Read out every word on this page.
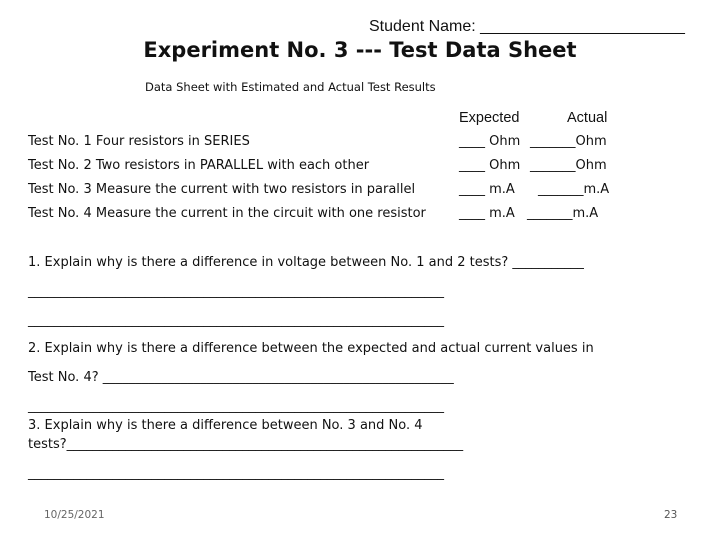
Student Name: _______________________
Experiment No. 3 --- Test Data Sheet
Data Sheet with Estimated and Actual Test Results
Expected	Actual
Test No. 1 Four resistors in SERIES	____ Ohm _______Ohm
Test No. 2 Two resistors in PARALLEL with each other	____ Ohm _______Ohm
Test No. 3 Measure the current with two resistors in parallel	____ m.A _______m.A
Test No. 4 Measure the current in the circuit with one resistor	____ m.A _______m.A
1. Explain why is there a difference in voltage between No. 1 and 2 tests? ___________
________________________________________________________________
________________________________________________________________
2. Explain why is there a difference between the expected and actual current values in
Test No. 4? ______________________________________________________
________________________________________________________________
3. Explain why is there a difference between No. 3 and No. 4
tests?_____________________________________________________________
________________________________________________________________
10/25/2021	23
